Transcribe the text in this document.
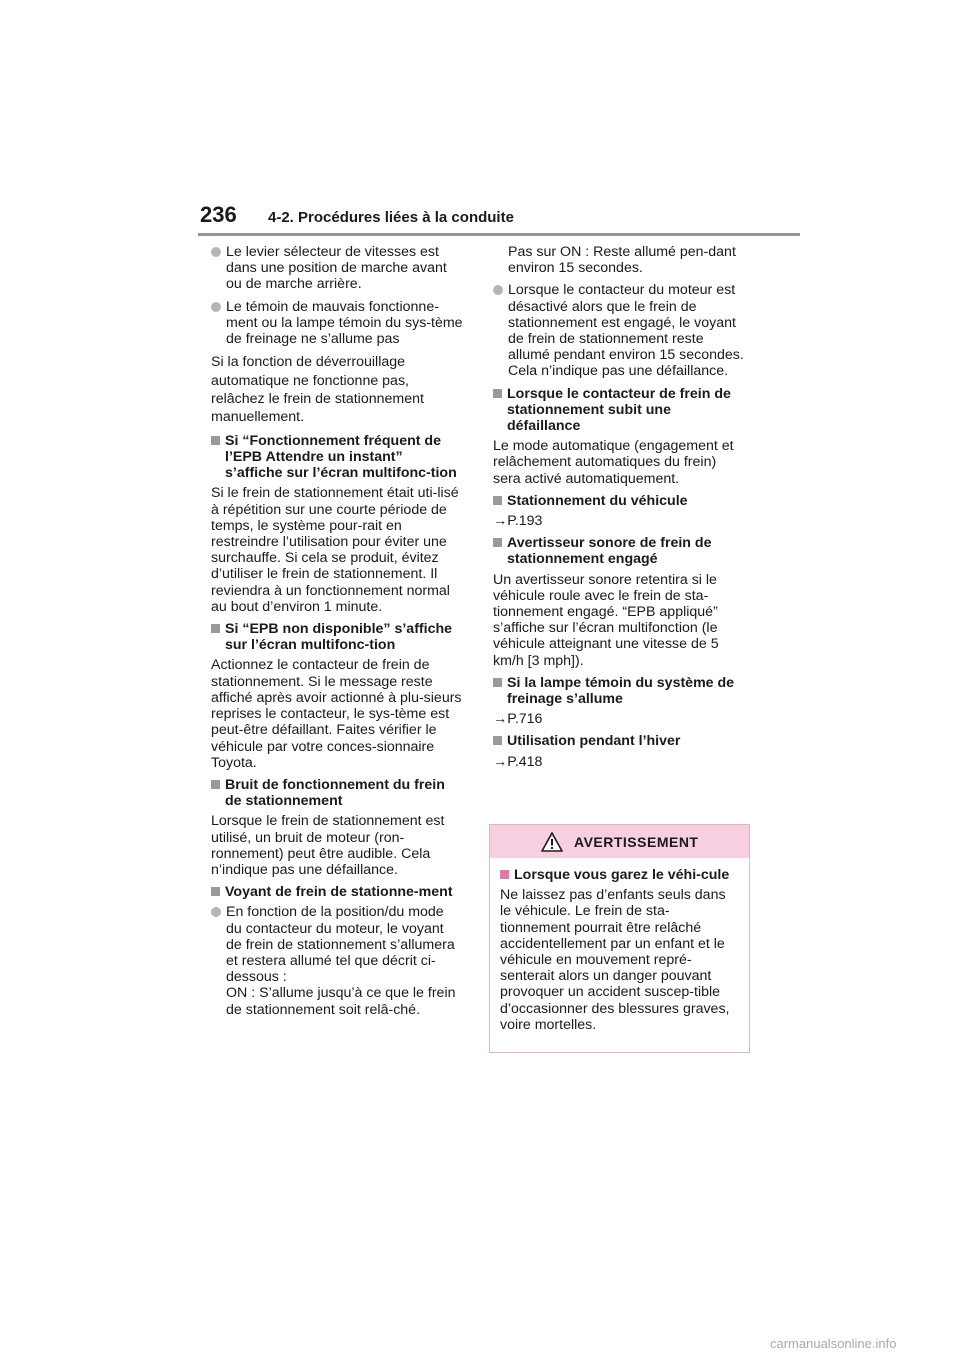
236 4-2. Procédures liées à la conduite
Le levier sélecteur de vitesses est dans une position de marche avant ou de marche arrière.
Le témoin de mauvais fonctionne-ment ou la lampe témoin du sys-tème de freinage ne s’allume pas

Si la fonction de déverrouillage automatique ne fonctionne pas, relâchez le frein de stationnement manuellement.

Si “Fonctionnement fréquent de l’EPB Attendre un instant” s’affiche sur l’écran multifonc-tion

Si le frein de stationnement était uti-lisé à répétition sur une courte période de temps, le système pour-rait en restreindre l’utilisation pour éviter une surchauffe. Si cela se produit, évitez d’utiliser le frein de stationnement. Il reviendra à un fonctionnement normal au bout d’environ 1 minute.

Si “EPB non disponible” s’affiche sur l’écran multifonc-tion

Actionnez le contacteur de frein de stationnement. Si le message reste affiché après avoir actionné à plu-sieurs reprises le contacteur, le sys-tème est peut-être défaillant. Faites vérifier le véhicule par votre conces-sionnaire Toyota.

Bruit de fonctionnement du frein de stationnement

Lorsque le frein de stationnement est utilisé, un bruit de moteur (ron-ronnement) peut être audible. Cela n’indique pas une défaillance.

Voyant de frein de stationne-ment
En fonction de la position/du mode du contacteur du moteur, le voyant de frein de stationnement s’allumera et restera allumé tel que décrit ci-dessous :
ON : S’allume jusqu’à ce que le frein de stationnement soit relâ-ché.

Pas sur ON : Reste allumé pen-dant environ 15 secondes.

Lorsque le contacteur du moteur est désactivé alors que le frein de stationnement est engagé, le voyant de frein de stationnement reste allumé pendant environ 15 secondes. Cela n’indique pas une défaillance.
Lorsque le contacteur de frein de stationnement subit une défaillance

Le mode automatique (engagement et relâchement automatiques du frein) sera activé automatiquement.

Stationnement du véhicule

→P.193

Avertisseur sonore de frein de stationnement engagé

Un avertisseur sonore retentira si le véhicule roule avec le frein de sta-tionnement engagé. “EPB appliqué” s’affiche sur l’écran multifonction (le véhicule atteignant une vitesse de 5 km/h [3 mph]).

Si la lampe témoin du système de freinage s’allume

→P.716

Utilisation pendant l’hiver

→P.418

AVERTISSEMENT
Lorsque vous garez le véhi-cule

Ne laissez pas d’enfants seuls dans le véhicule. Le frein de sta-tionnement pourrait être relâché accidentellement par un enfant et le véhicule en mouvement repré-senterait alors un danger pouvant provoquer un accident suscep-tible d’occasionner des blessures graves, voire mortelles.

carmanualsonline.info
